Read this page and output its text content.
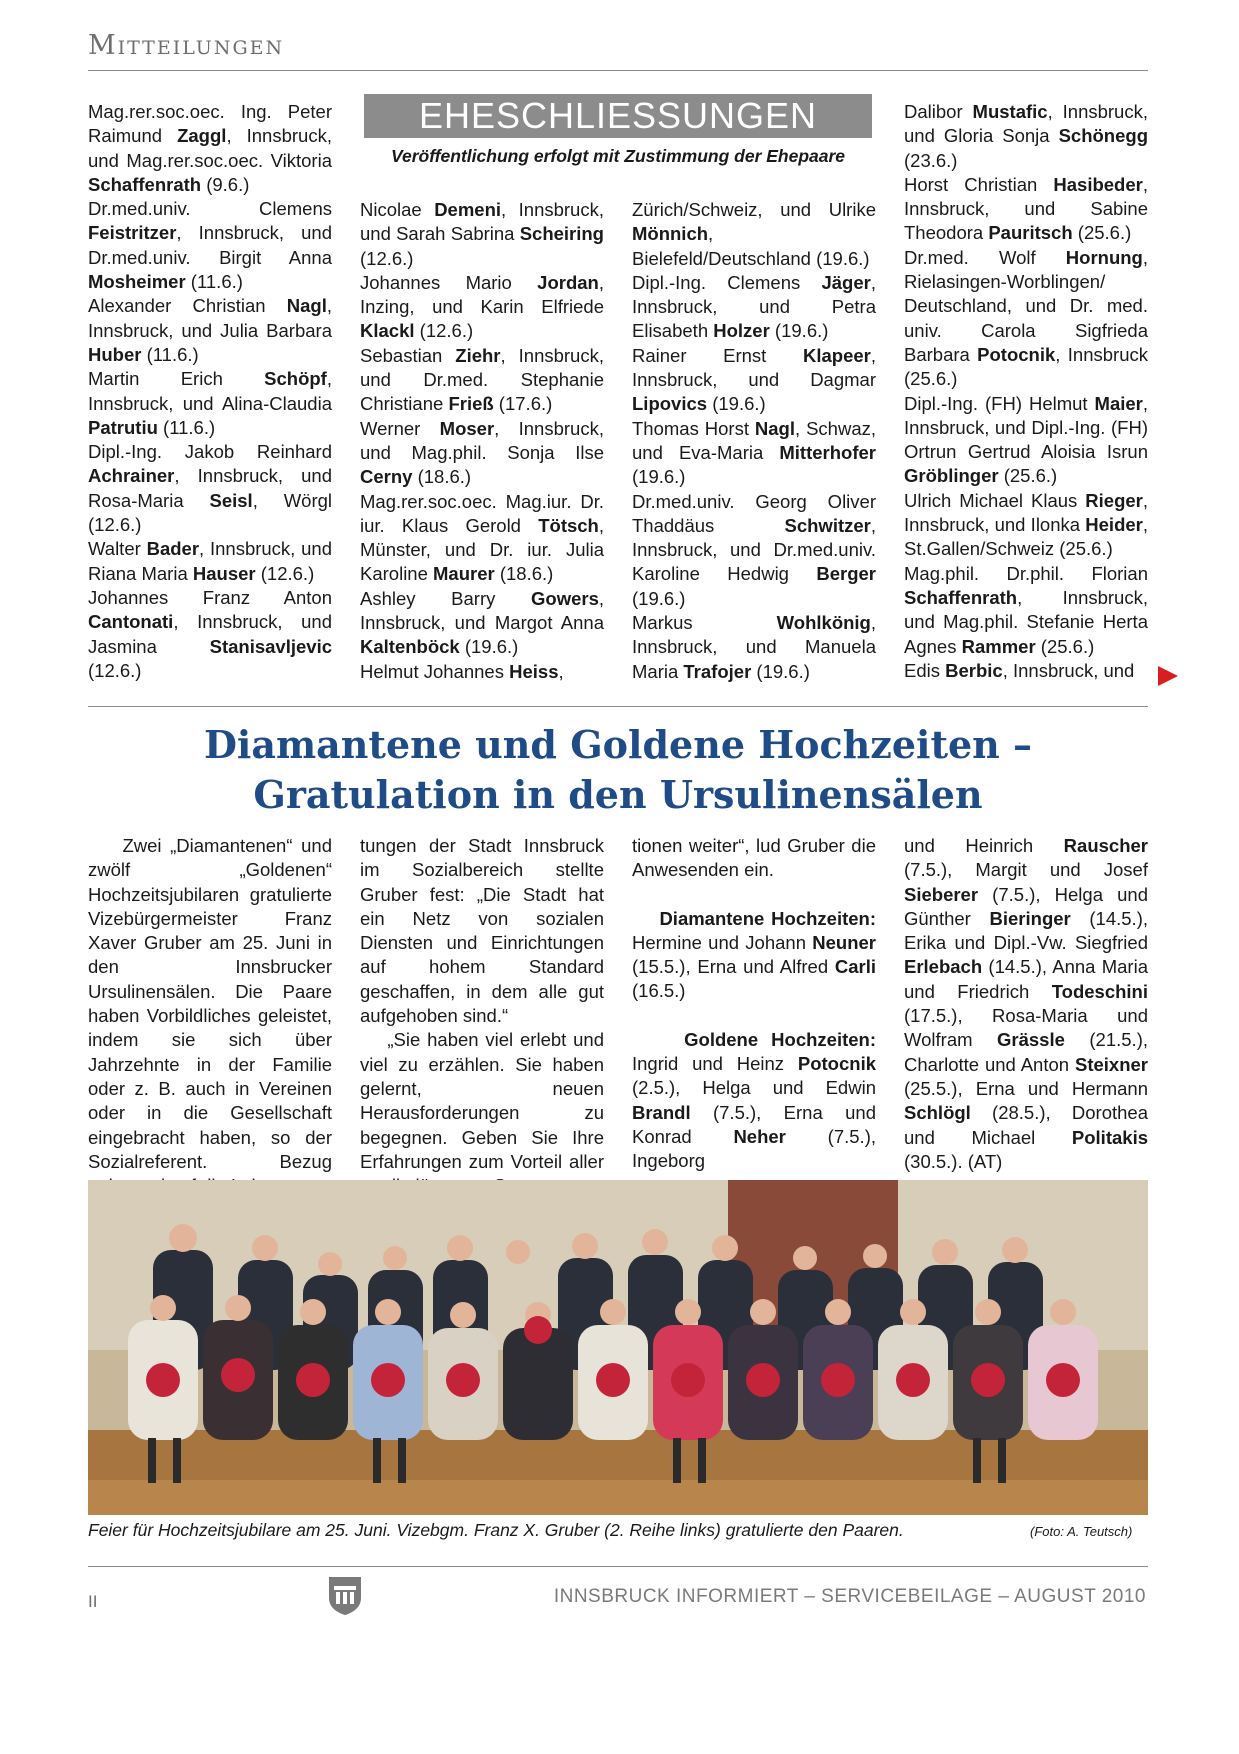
Mitteilungen
EHESCHLIESSUNGEN
Veröffentlichung erfolgt mit Zustimmung der Ehepaare

Mag.rer.soc.oec. Ing. Peter Raimund Zaggl, Innsbruck, und Mag.rer.soc.oec. Viktoria Schaffenrath (9.6.)

Dr.med.univ. Clemens Feistritzer, Innsbruck, und Dr.med.univ. Birgit Anna Mosheimer (11.6.)

Alexander Christian Nagl, Innsbruck, und Julia Barbara Huber (11.6.)

Martin Erich Schöpf, Innsbruck, und Alina-Claudia Patrutiu (11.6.)

Dipl.-Ing. Jakob Reinhard Achrainer, Innsbruck, und Rosa-Maria Seisl, Wörgl (12.6.)

Walter Bader, Innsbruck, und Riana Maria Hauser (12.6.)

Johannes Franz Anton Cantonati, Innsbruck, und Jasmina Stanisavljevic (12.6.)

Nicolae Demeni, Innsbruck, und Sarah Sabrina Scheiring (12.6.)

Johannes Mario Jordan, Inzing, und Karin Elfriede Klackl (12.6.)

Sebastian Ziehr, Innsbruck, und Dr.med. Stephanie Christiane Frieß (17.6.)

Werner Moser, Innsbruck, und Mag.phil. Sonja Ilse Cerny (18.6.)

Mag.rer.soc.oec. Mag.iur. Dr. iur. Klaus Gerold Tötsch, Münster, und Dr. iur. Julia Karoline Maurer (18.6.)

Ashley Barry Gowers, Innsbruck, und Margot Anna Kaltenböck (19.6.)

Helmut Johannes Heiss,

Zürich/Schweiz, und Ulrike Mönnich, Bielefeld/Deutschland (19.6.)

Dipl.-Ing. Clemens Jäger, Innsbruck, und Petra Elisabeth Holzer (19.6.)

Rainer Ernst Klapeer, Innsbruck, und Dagmar Lipovics (19.6.)

Thomas Horst Nagl, Schwaz, und Eva-Maria Mitterhofer (19.6.)

Dr.med.univ. Georg Oliver Thaddäus Schwitzer, Innsbruck, und Dr.med.univ. Karoline Hedwig Berger (19.6.)

Markus Wohlkönig, Innsbruck, und Manuela Maria Trafojer (19.6.)

Dalibor Mustafic, Innsbruck, und Gloria Sonja Schönegg (23.6.)

Horst Christian Hasibeder, Innsbruck, und Sabine Theodora Pauritsch (25.6.)

Dr.med. Wolf Hornung, Rielasingen-Worblingen/ Deutschland, und Dr. med. univ. Carola Sigfrieda Barbara Potocnik, Innsbruck (25.6.)

Dipl.-Ing. (FH) Helmut Maier, Innsbruck, und Dipl.-Ing. (FH) Ortrun Gertrud Aloisia Isrun Gröblinger (25.6.)

Ulrich Michael Klaus Rieger, Innsbruck, und Ilonka Heider, St.Gallen/Schweiz (25.6.)

Mag.phil. Dr.phil. Florian Schaffenrath, Innsbruck, und Mag.phil. Stefanie Herta Agnes Rammer (25.6.)

Edis Berbic, Innsbruck, und

Diamantene und Goldene Hochzeiten –
Gratulation in den Ursulinensälen

Zwei „Diamantenen“ und zwölf „Goldenen“ Hochzeitsjubilaren gratulierte Vizebürgermeister Franz Xaver Gruber am 25. Juni in den Innsbrucker Ursulinensälen. Die Paare haben Vorbildliches geleistet, indem sie sich über Jahrzehnte in der Familie oder z. B. auch in Vereinen oder in die Gesellschaft eingebracht haben, so der Sozialreferent. Bezug

tungen der Stadt Innsbruck im Sozialbereich stellte Gruber fest: „Die Stadt hat ein Netz von sozialen Diensten und Einrichtungen auf hohem Standard geschaffen, in dem alle gut aufgehoben sind.“

„Sie haben viel erlebt und viel zu erzählen. Sie haben gelernt, neuen Herausforderungen zu begegnen. Geben Sie Ihre Erfahrungen zum Vorteil aller

tionen weiter“, lud Gruber die Anwesenden ein.

Diamantene Hochzeiten: Hermine und Johann Neuner (15.5.), Erna und Alfred Carli (16.5.)

Goldene Hochzeiten: Ingrid und Heinz Potocnik (2.5.), Helga und Edwin Brandl (7.5.), Erna und Konrad Neher (7.5.), Ingeborg

und Heinrich Rauscher (7.5.), Margit und Josef Sieberer (7.5.), Helga und Günther Bieringer (14.5.), Erika und Dipl.-Vw. Siegfried Erlebach (14.5.), Anna Maria und Friedrich Todeschini (17.5.), Rosa-Maria und Wolfram Grässle (21.5.), Charlotte und Anton Steixner (25.5.), Erna und Hermann Schlögl (28.5.), Dorothea und Michael Politakis (30.5.). (AT)

Feier für Hochzeitsjubilare am 25. Juni. Vizebgm. Franz X. Gruber (2. Reihe links) gratulierte den Paaren.	(Foto: A. Teutsch)
II	INNSBRUCK INFORMIERT – SERVICEBEILAGE – AUGUST 2010
